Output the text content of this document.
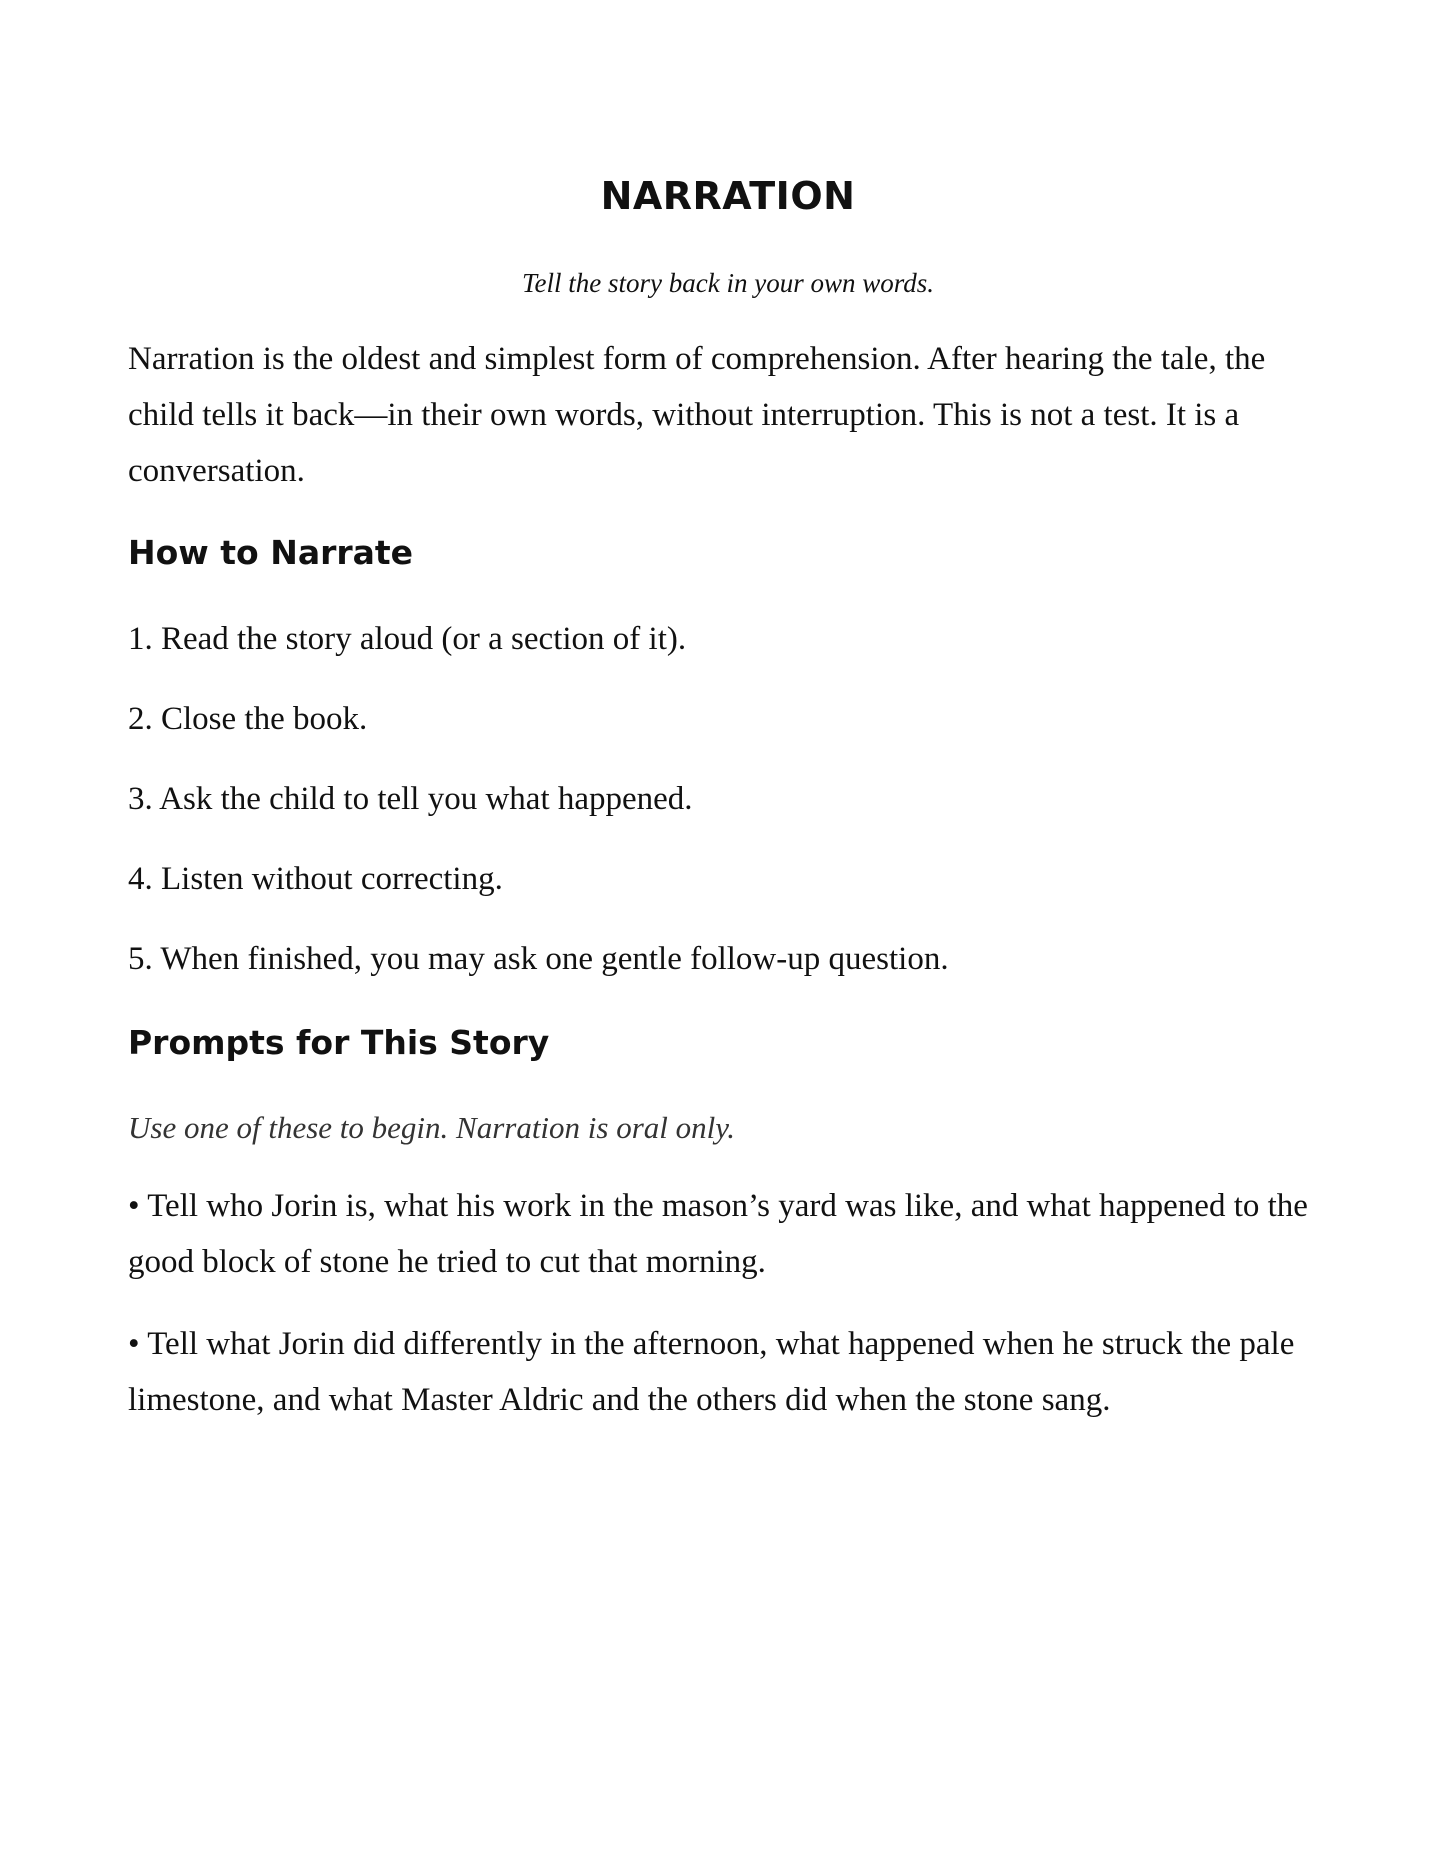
NARRATION

Tell the story back in your own words.

Narration is the oldest and simplest form of comprehension. After hearing the tale, the child tells it back—in their own words, without interruption. This is not a test. It is a conversation.

How to Narrate

1. Read the story aloud (or a section of it).

2. Close the book.

3. Ask the child to tell you what happened.

4. Listen without correcting.

5. When finished, you may ask one gentle follow-up question.

Prompts for This Story

Use one of these to begin. Narration is oral only.

• Tell who Jorin is, what his work in the mason’s yard was like, and what happened to the good block of stone he tried to cut that morning.

• Tell what Jorin did differently in the afternoon, what happened when he struck the pale limestone, and what Master Aldric and the others did when the stone sang.
